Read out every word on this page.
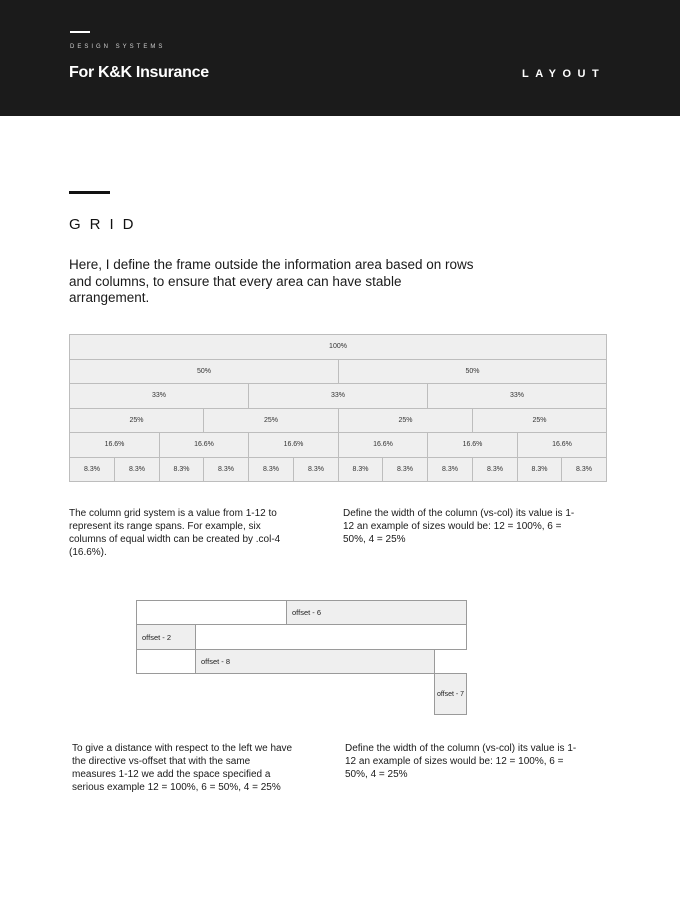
DESIGN SYSTEMS
For K&K Insurance	LAYOUT
GRID
Here, I define the frame outside the information area based on rows and columns, to ensure that every area can have stable arrangement.
100%
50%	50%
33%	33%	33%
25%	25%	25%	25%
16.6%	16.6%	16.6%	16.6%	16.6%	16.6%
8.3%	8.3%	8.3%	8.3%	8.3%	8.3%	8.3%	8.3%	8.3%	8.3%	8.3%	8.3%
The column grid system is a value from 1-12 to represent its range spans. For example, six columns of equal width can be created by .col-4 (16.6%).
Define the width of the column (vs-col) its value is 1-12 an example of sizes would be: 12 = 100%, 6 = 50%, 4 = 25%
offset - 6
offset - 2
offset - 8
offset - 7
To give a distance with respect to the left we have the directive vs-offset that with the same measures 1-12 we add the space specified a serious example 12 = 100%, 6 = 50%, 4 = 25%
Define the width of the column (vs-col) its value is 1-12 an example of sizes would be: 12 = 100%, 6 = 50%, 4 = 25%
